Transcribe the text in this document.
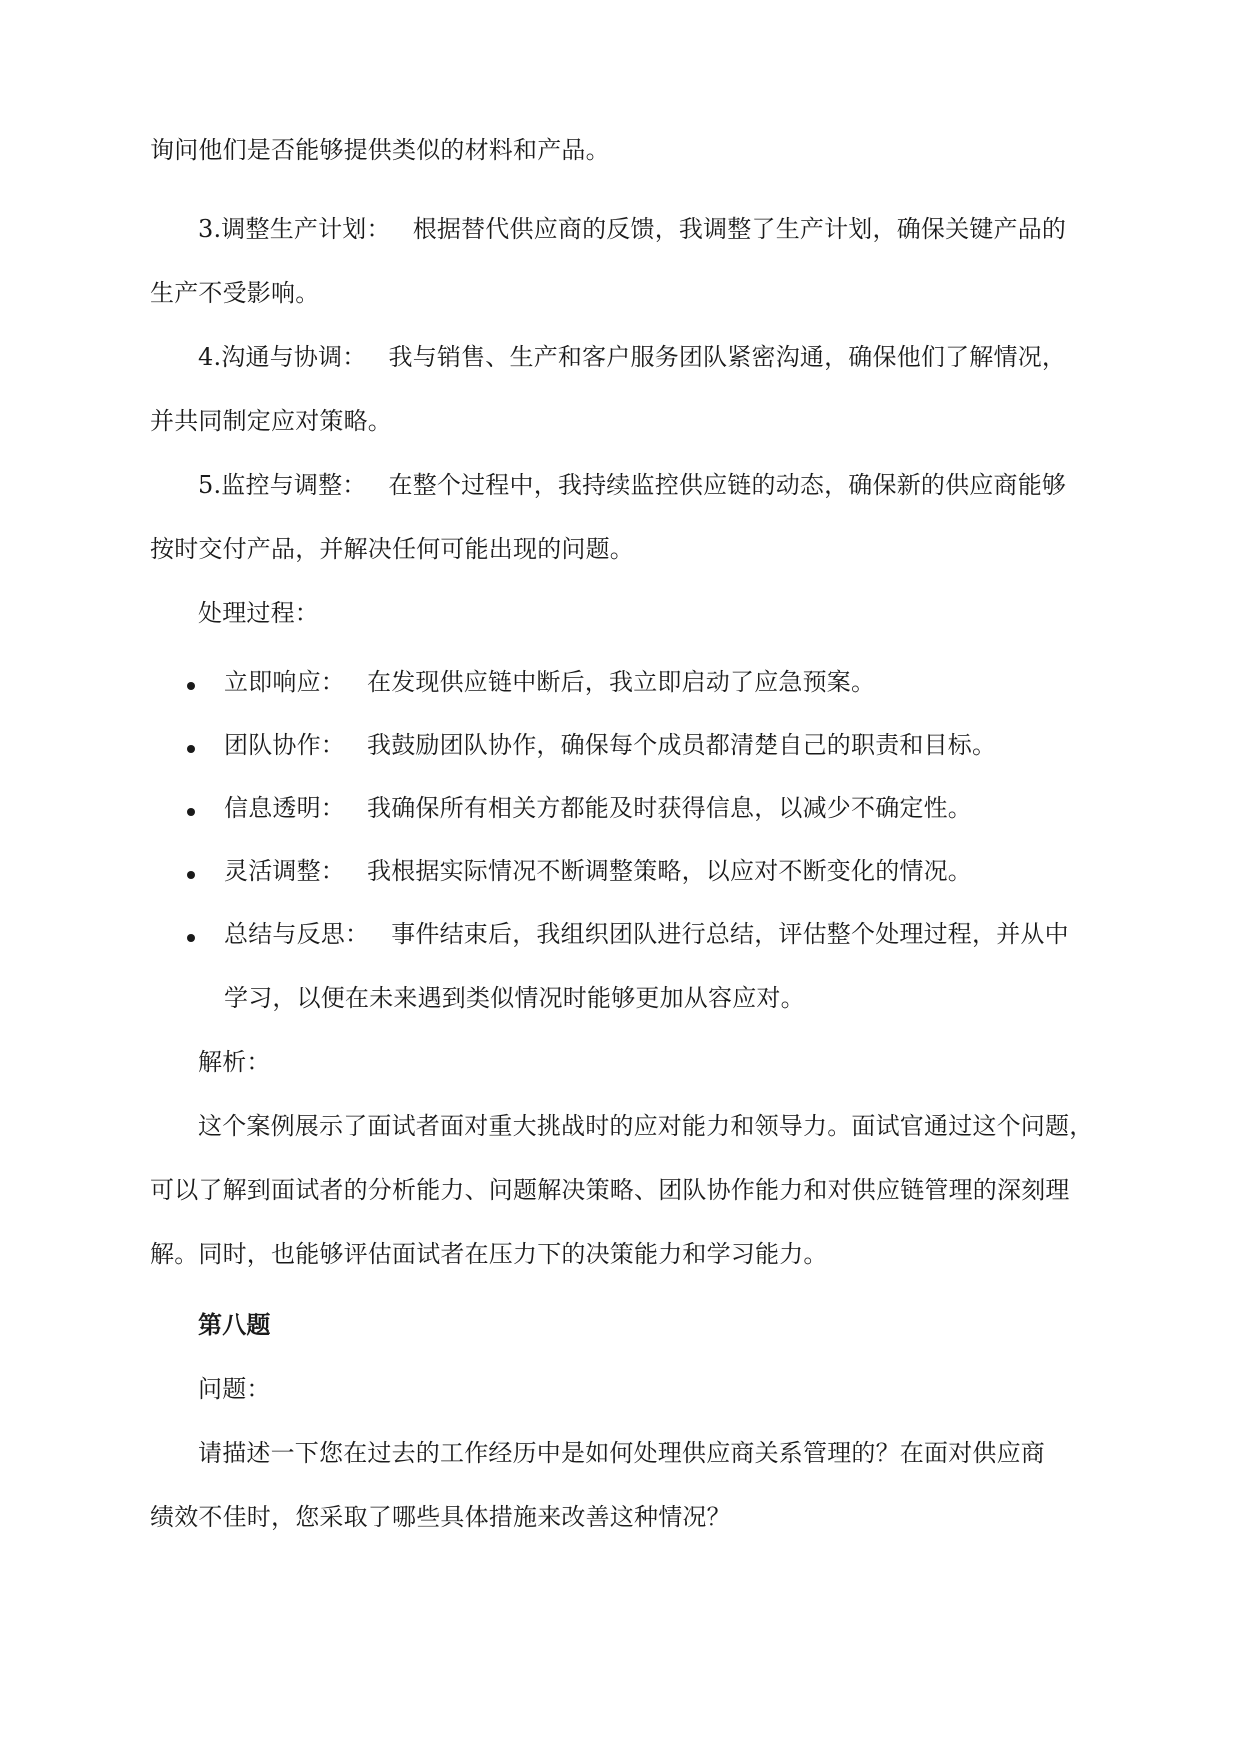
询问他们是否能够提供类似的材料和产品。
3.调整生产计划： 根据替代供应商的反馈，我调整了生产计划，确保关键产品的
生产不受影响。
4.沟通与协调： 我与销售、生产和客户服务团队紧密沟通，确保他们了解情况，
并共同制定应对策略。
5.监控与调整： 在整个过程中，我持续监控供应链的动态，确保新的供应商能够
按时交付产品，并解决任何可能出现的问题。
处理过程：
立即响应： 在发现供应链中断后，我立即启动了应急预案。
团队协作： 我鼓励团队协作，确保每个成员都清楚自己的职责和目标。
信息透明： 我确保所有相关方都能及时获得信息，以减少不确定性。
灵活调整： 我根据实际情况不断调整策略，以应对不断变化的情况。
总结与反思： 事件结束后，我组织团队进行总结，评估整个处理过程，并从中
学习，以便在未来遇到类似情况时能够更加从容应对。
解析：
这个案例展示了面试者面对重大挑战时的应对能力和领导力。面试官通过这个问题，
可以了解到面试者的分析能力、问题解决策略、团队协作能力和对供应链管理的深刻理
解。同时，也能够评估面试者在压力下的决策能力和学习能力。
第八题
问题：
请描述一下您在过去的工作经历中是如何处理供应商关系管理的？在面对供应商
绩效不佳时，您采取了哪些具体措施来改善这种情况？
